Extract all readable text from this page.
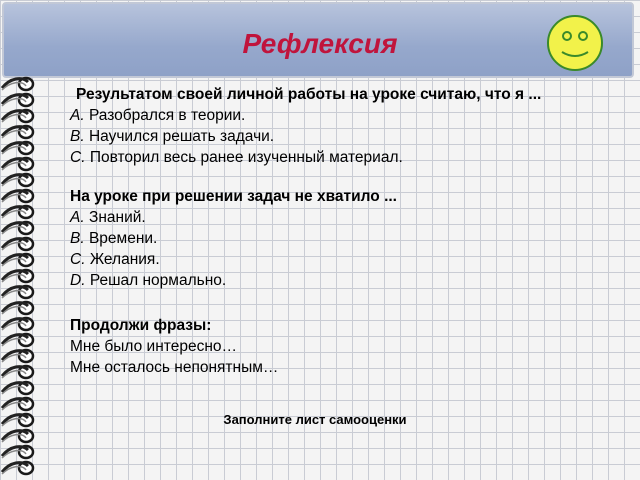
Рефлексия
Результатом своей личной работы на уроке считаю, что я ...
A. Разобрался в теории.
B. Научился решать задачи.
C. Повторил весь ранее изученный материал.
На уроке при решении задач не хватило ...
A. Знаний.
B. Времени.
C. Желания.
D. Решал нормально.
Продолжи фразы:
Мне было интересно…
Мне осталось непонятным…
Заполните лист самооценки
